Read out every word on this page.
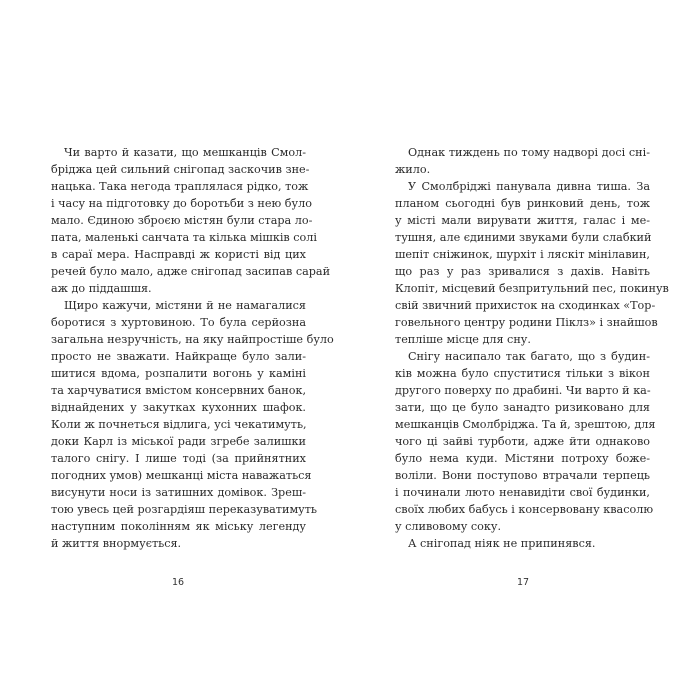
Чи варто й казати, що мешканців Смол-
бріджа цей сильний снігопад заскочив зне-
нацька. Така негода траплялася рідко, тож
і часу на підготовку до боротьби з нею було
мало. Єдиною зброєю містян були стара ло-
пата, маленькі санчата та кілька мішків солі
в сараї мера. Насправді ж користі від цих
речей було мало, адже снігопад засипав сарай
аж до піддашшя.
Щиро кажучи, містяни й не намагалися
боротися з хуртовиною. То була серйозна
загальна незручність, на яку найпростіше було
просто не зважати. Найкраще було зали-
шитися вдома, розпалити вогонь у каміні
та харчуватися вмістом консервних банок,
віднайдених у закутках кухонних шафок.
Коли ж почнеться відлига, усі чекатимуть,
доки Карл із міської ради згребе залишки
талого снігу. І лише тоді (за прийнятних
погодних умов) мешканці міста наважаться
висунути носи із затишних домівок. Зреш-
тою увесь цей розгардіяш переказуватимуть
наступним поколінням як міську легенду
й життя внормується.
Однак тиждень по тому надворі досі сні-
жило.
У Смолбріджі панувала дивна тиша. За
планом сьогодні був ринковий день, тож
у місті мали вирувати життя, галас і ме-
тушня, але єдиними звуками були слабкий
шепіт сніжинок, шурхіт і ляскіт мінілавин,
що раз у раз зривалися з дахів. Навіть
Клопіт, місцевий безпритульний пес, покинув
свій звичний прихисток на сходинках «Тор-
говельного центру родини Піклз» і знайшов
тепліше місце для сну.
Снігу насипало так багато, що з будин-
ків можна було спуститися тільки з вікон
другого поверху по драбині. Чи варто й ка-
зати, що це було занадто ризиковано для
мешканців Смолбріджа. Та й, зрештою, для
чого ці зайві турботи, адже йти однаково
було нема куди. Містяни потроху боже-
воліли. Вони поступово втрачали терпець
і починали люто ненавидіти свої будинки,
своїх любих бабусь і консервовану квасолю
у сливовому соку.
А снігопад ніяк не припинявся.
16	17
